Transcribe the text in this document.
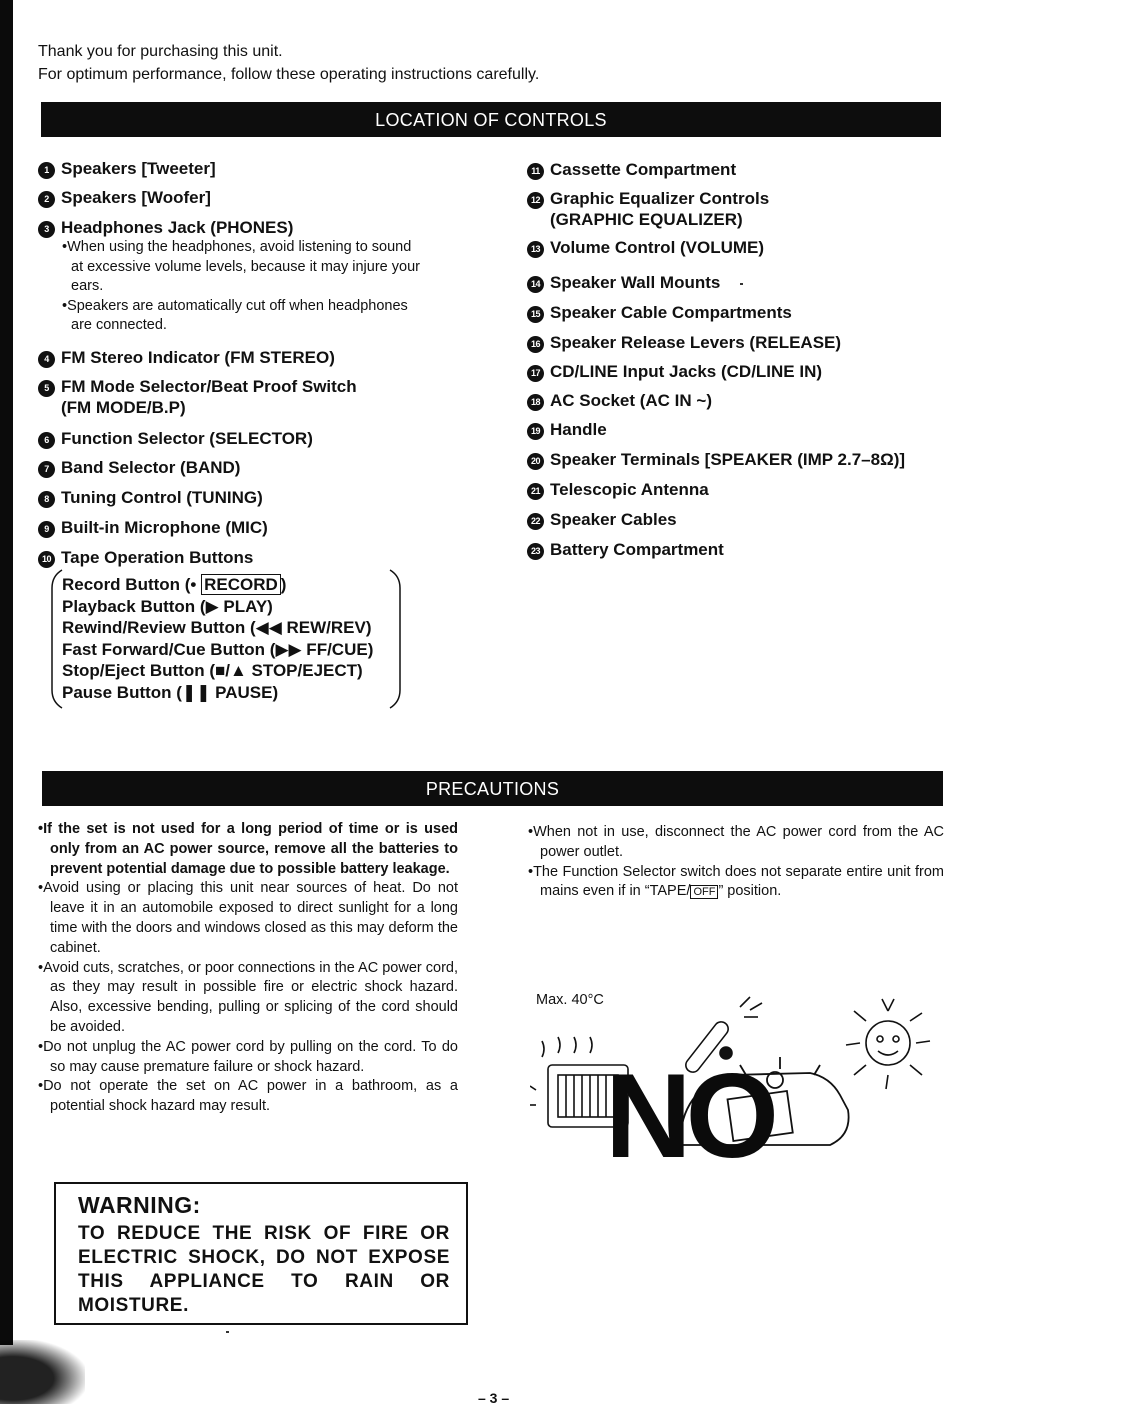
Thank you for purchasing this unit.
For optimum performance, follow these operating instructions carefully.
LOCATION OF CONTROLS
1 Speakers [Tweeter]
2 Speakers [Woofer]
3 Headphones Jack (PHONES)

•When using the headphones, avoid listening to sound

at excessive volume levels, because it may injure your

ears.

•Speakers are automatically cut off when headphones

are connected.

4 FM Stereo Indicator (FM STEREO)
5 FM Mode Selector/Beat Proof Switch
(FM MODE/B.P)
6 Function Selector (SELECTOR)
7 Band Selector (BAND)
8 Tuning Control (TUNING)
9 Built-in Microphone (MIC)
10 Tape Operation Buttons
Record Button (• RECORD )
Playback Button (▶ PLAY)
Rewind/Review Button (◀◀ REW/REV)
Fast Forward/Cue Button (▶▶ FF/CUE)
Stop/Eject Button (■/▲ STOP/EJECT)
Pause Button (❚❚ PAUSE)
11 Cassette Compartment
12 Graphic Equalizer Controls
(GRAPHIC EQUALIZER)
13 Volume Control (VOLUME)
14 Speaker Wall Mounts
15 Speaker Cable Compartments
16 Speaker Release Levers (RELEASE)
17 CD/LINE Input Jacks (CD/LINE IN)
18 AC Socket (AC IN ~)
19 Handle
20 Speaker Terminals [SPEAKER (IMP 2.7–8Ω)]
21 Telescopic Antenna
22 Speaker Cables
23 Battery Compartment
PRECAUTIONS

•If the set is not used for a long period of time or is used only from an AC power source, remove all the batteries to prevent potential damage due to possible battery leakage.

•Avoid using or placing this unit near sources of heat. Do not leave it in an automobile exposed to direct sunlight for a long time with the doors and windows closed as this may deform the cabinet.

•Avoid cuts, scratches, or poor connections in the AC power cord, as they may result in possible fire or electric shock hazard. Also, excessive bending, pulling or splicing of the cord should be avoided.

•Do not unplug the AC power cord by pulling on the cord. To do so may cause premature failure or shock hazard.

•Do not operate the set on AC power in a bathroom, as a potential shock hazard may result.

•When not in use, disconnect the AC power cord from the AC power outlet.

•The Function Selector switch does not separate entire unit from mains even if in “TAPE/ OFF ” position.

Max. 40°C
NO
WARNING:
TO REDUCE THE RISK OF FIRE OR ELECTRIC SHOCK, DO NOT EXPOSE THIS APPLIANCE TO RAIN OR MOISTURE.
– 3 –
